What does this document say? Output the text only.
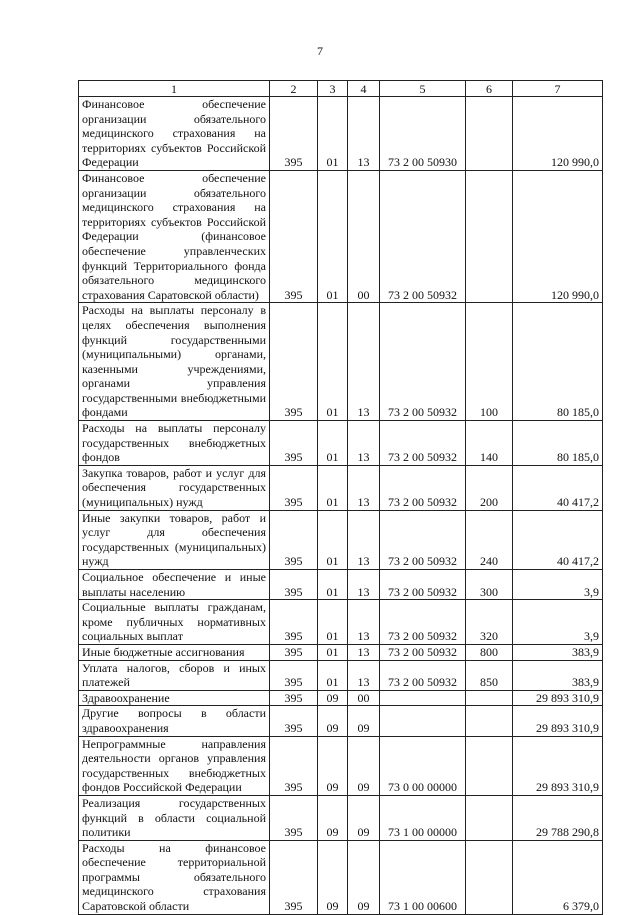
7
1	2	3	4	5	6	7
Финансовое обеспечение организации обязательного медицинского страхования на территориях субъектов Российской Федерации	395	01	13	73 2 00 50930		120 990,0
Финансовое обеспечение организации обязательного медицинского страхования на территориях субъектов Российской Федерации (финансовое обеспечение управленческих функций Территориального фонда обязательного медицинского страхования Саратовской области)	395	01	00	73 2 00 50932		120 990,0
Расходы на выплаты персоналу в целях обеспечения выполнения функций государственными (муниципальными) органами, казенными учреждениями, органами управления государственными внебюджетными фондами	395	01	13	73 2 00 50932	100	80 185,0
Расходы на выплаты персоналу государственных внебюджетных фондов	395	01	13	73 2 00 50932	140	80 185,0
Закупка товаров, работ и услуг для обеспечения государственных (муниципальных) нужд	395	01	13	73 2 00 50932	200	40 417,2
Иные закупки товаров, работ и услуг для обеспечения государственных (муниципальных) нужд	395	01	13	73 2 00 50932	240	40 417,2
Социальное обеспечение и иные выплаты населению	395	01	13	73 2 00 50932	300	3,9
Социальные выплаты гражданам, кроме публичных нормативных социальных выплат	395	01	13	73 2 00 50932	320	3,9
Иные бюджетные ассигнования	395	01	13	73 2 00 50932	800	383,9
Уплата налогов, сборов и иных платежей	395	01	13	73 2 00 50932	850	383,9
Здравоохранение	395	09	00			29 893 310,9
Другие вопросы в области здравоохранения	395	09	09			29 893 310,9
Непрограммные направления деятельности органов управления государственных внебюджетных фондов Российской Федерации	395	09	09	73 0 00 00000		29 893 310,9
Реализация государственных функций в области социальной политики	395	09	09	73 1 00 00000		29 788 290,8
Расходы на финансовое обеспечение территориальной программы обязательного медицинского страхования Саратовской области	395	09	09	73 1 00 00600		6 379,0
